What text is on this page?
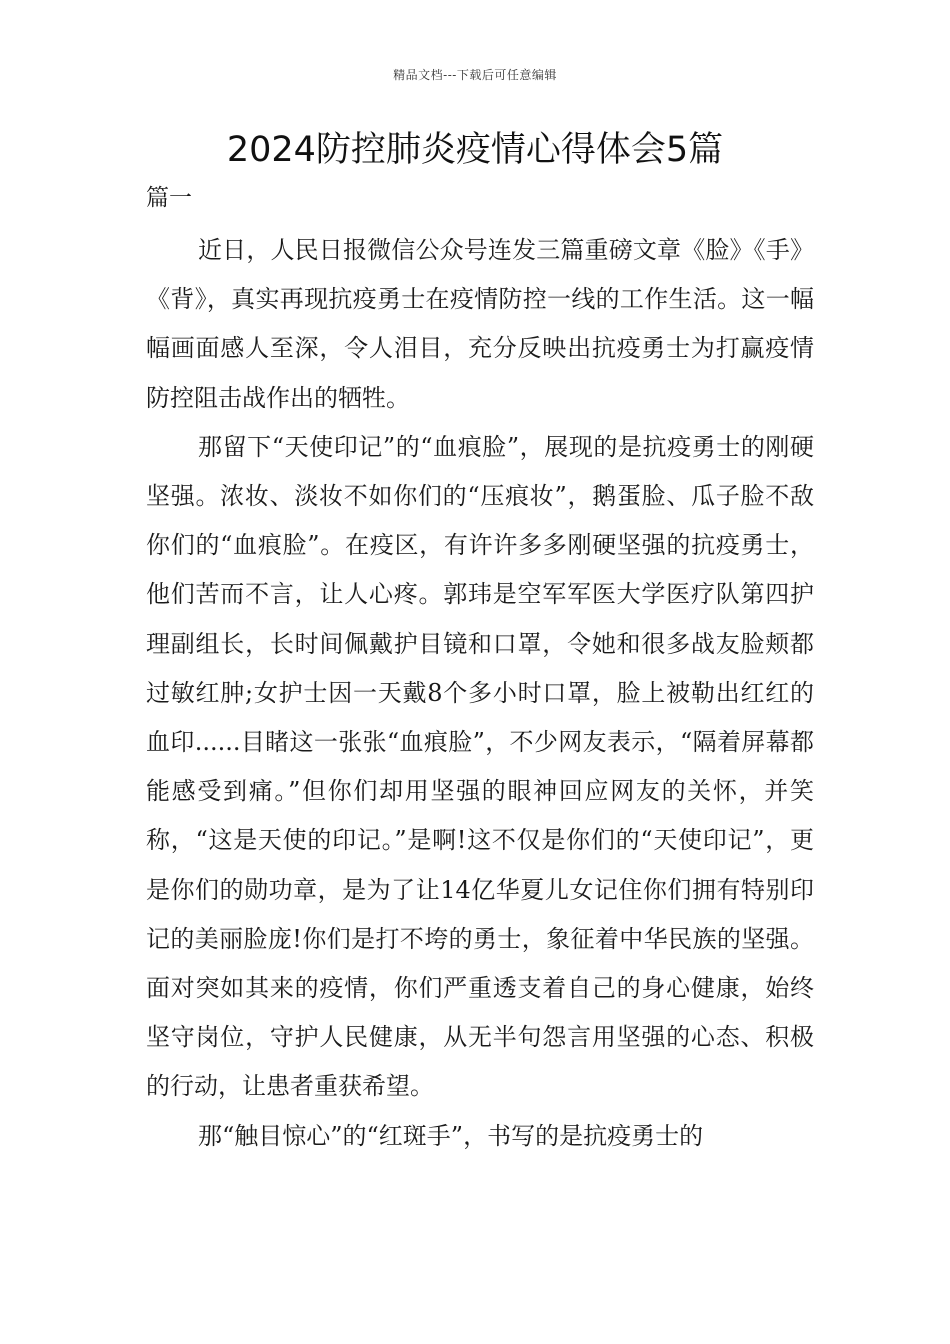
精品文档---下载后可任意编辑
2024防控肺炎疫情心得体会5篇
篇一

近日，人民日报微信公众号连发三篇重磅文章《脸》《手》《背》，真实再现抗疫勇士在疫情防控一线的工作生活。这一幅幅画面感人至深，令人泪目，充分反映出抗疫勇士为打赢疫情防控阻击战作出的牺牲。

那留下“天使印记”的“血痕脸”，展现的是抗疫勇士的刚硬坚强。浓妆、淡妆不如你们的“压痕妆”，鹅蛋脸、瓜子脸不敌你们的“血痕脸”。在疫区，有许许多多刚硬坚强的抗疫勇士，他们苦而不言，让人心疼。郭玮是空军军医大学医疗队第四护理副组长，长时间佩戴护目镜和口罩，令她和很多战友脸颊都过敏红肿;女护士因一天戴8个多小时口罩，脸上被勒出红红的血印......目睹这一张张“血痕脸”，不少网友表示，“隔着屏幕都能感受到痛。”但你们却用坚强的眼神回应网友的关怀，并笑称，“这是天使的印记。”是啊!这不仅是你们的“天使印记”，更是你们的勋功章，是为了让14亿华夏儿女记住你们拥有特别印记的美丽脸庞!你们是打不垮的勇士，象征着中华民族的坚强。面对突如其来的疫情，你们严重透支着自己的身心健康，始终坚守岗位，守护人民健康，从无半句怨言用坚强的心态、积极的行动，让患者重获希望。

那“触目惊心”的“红斑手”，书写的是抗疫勇士的
